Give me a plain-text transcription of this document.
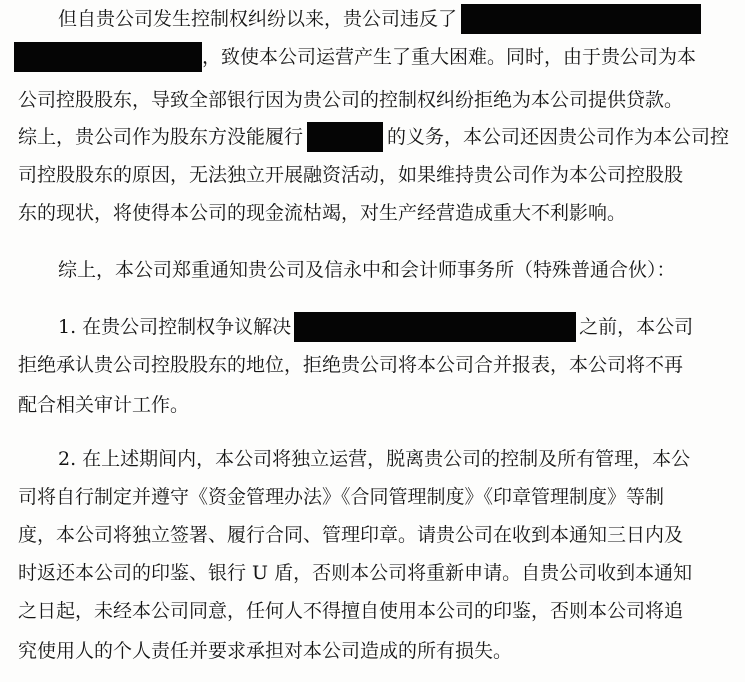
但自贵公司发生控制权纠纷以来，贵公司违反了
，致使本公司运营产生了重大困难。同时，由于贵公司为本
公司控股股东，导致全部银行因为贵公司的控制权纠纷拒绝为本公司提供贷款。
综上，贵公司作为股东方没能履行	的义务，本公司还因贵公司作为本公司控
司控股股东的原因，无法独立开展融资活动，如果维持贵公司作为本公司控股股
东的现状，将使得本公司的现金流枯竭，对生产经营造成重大不利影响。
综上，本公司郑重通知贵公司及信永中和会计师事务所（特殊普通合伙）：
1. 在贵公司控制权争议解决	之前，本公司
拒绝承认贵公司控股股东的地位，拒绝贵公司将本公司合并报表，本公司将不再
配合相关审计工作。
2. 在上述期间内，本公司将独立运营，脱离贵公司的控制及所有管理，本公
司将自行制定并遵守《资金管理办法》《合同管理制度》《印章管理制度》等制
度，本公司将独立签署、履行合同、管理印章。请贵公司在收到本通知三日内及
时返还本公司的印鉴、银行 U 盾，否则本公司将重新申请。自贵公司收到本通知
之日起，未经本公司同意，任何人不得擅自使用本公司的印鉴，否则本公司将追
究使用人的个人责任并要求承担对本公司造成的所有损失。
